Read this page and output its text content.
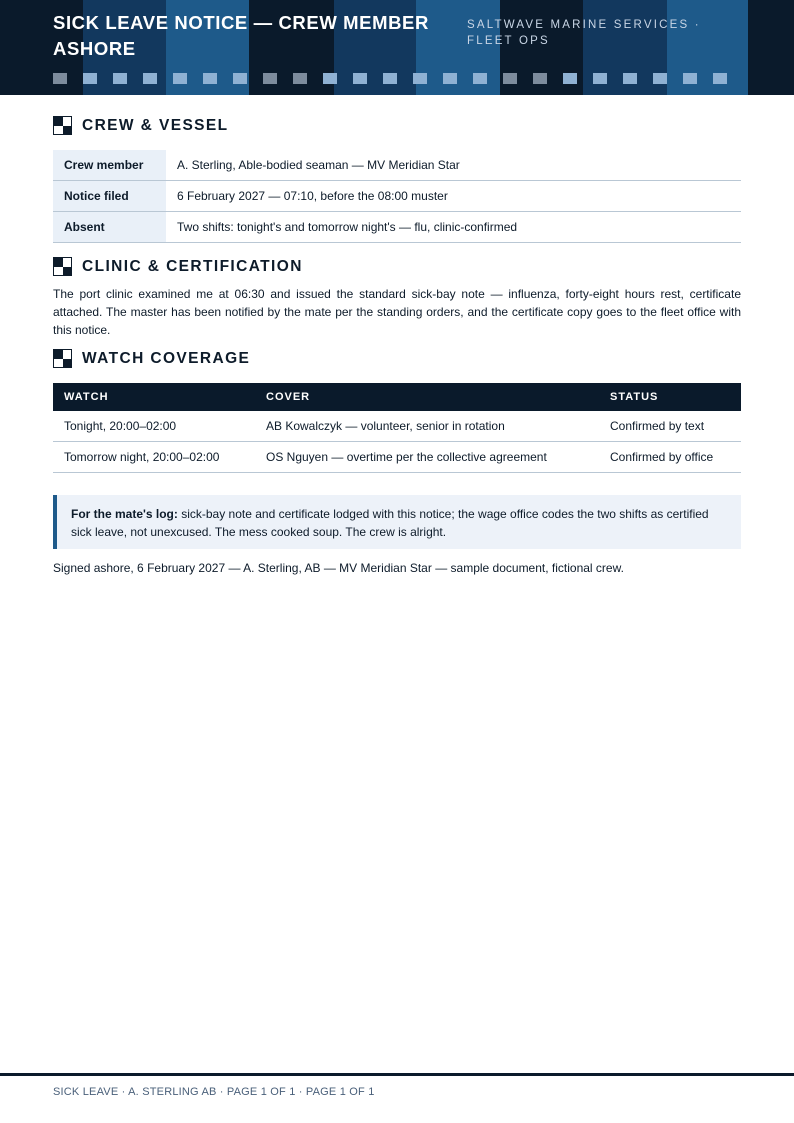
SICK LEAVE NOTICE — CREW MEMBER ASHORE
SALTWAVE MARINE SERVICES · FLEET OPS
CREW & VESSEL
Crew member	A. Sterling, Able-bodied seaman — MV Meridian Star
Notice filed	6 February 2027 — 07:10, before the 08:00 muster
Absent	Two shifts: tonight's and tomorrow night's — flu, clinic-confirmed
CLINIC & CERTIFICATION

The port clinic examined me at 06:30 and issued the standard sick-bay note — influenza, forty-eight hours rest, certificate attached. The master has been notified by the mate per the standing orders, and the certificate copy goes to the fleet office with this notice.

WATCH COVERAGE
WATCH	COVER	STATUS
Tonight, 20:00–02:00	AB Kowalczyk — volunteer, senior in rotation	Confirmed by text
Tomorrow night, 20:00–02:00	OS Nguyen — overtime per the collective agreement	Confirmed by office
For the mate's log: sick-bay note and certificate lodged with this notice; the wage office codes the two shifts as certified sick leave, not unexcused. The mess cooked soup. The crew is alright.
Signed ashore, 6 February 2027 — A. Sterling, AB — MV Meridian Star — sample document, fictional crew.
SICK LEAVE · A. STERLING AB · PAGE 1 OF 1 · PAGE 1 OF 1
